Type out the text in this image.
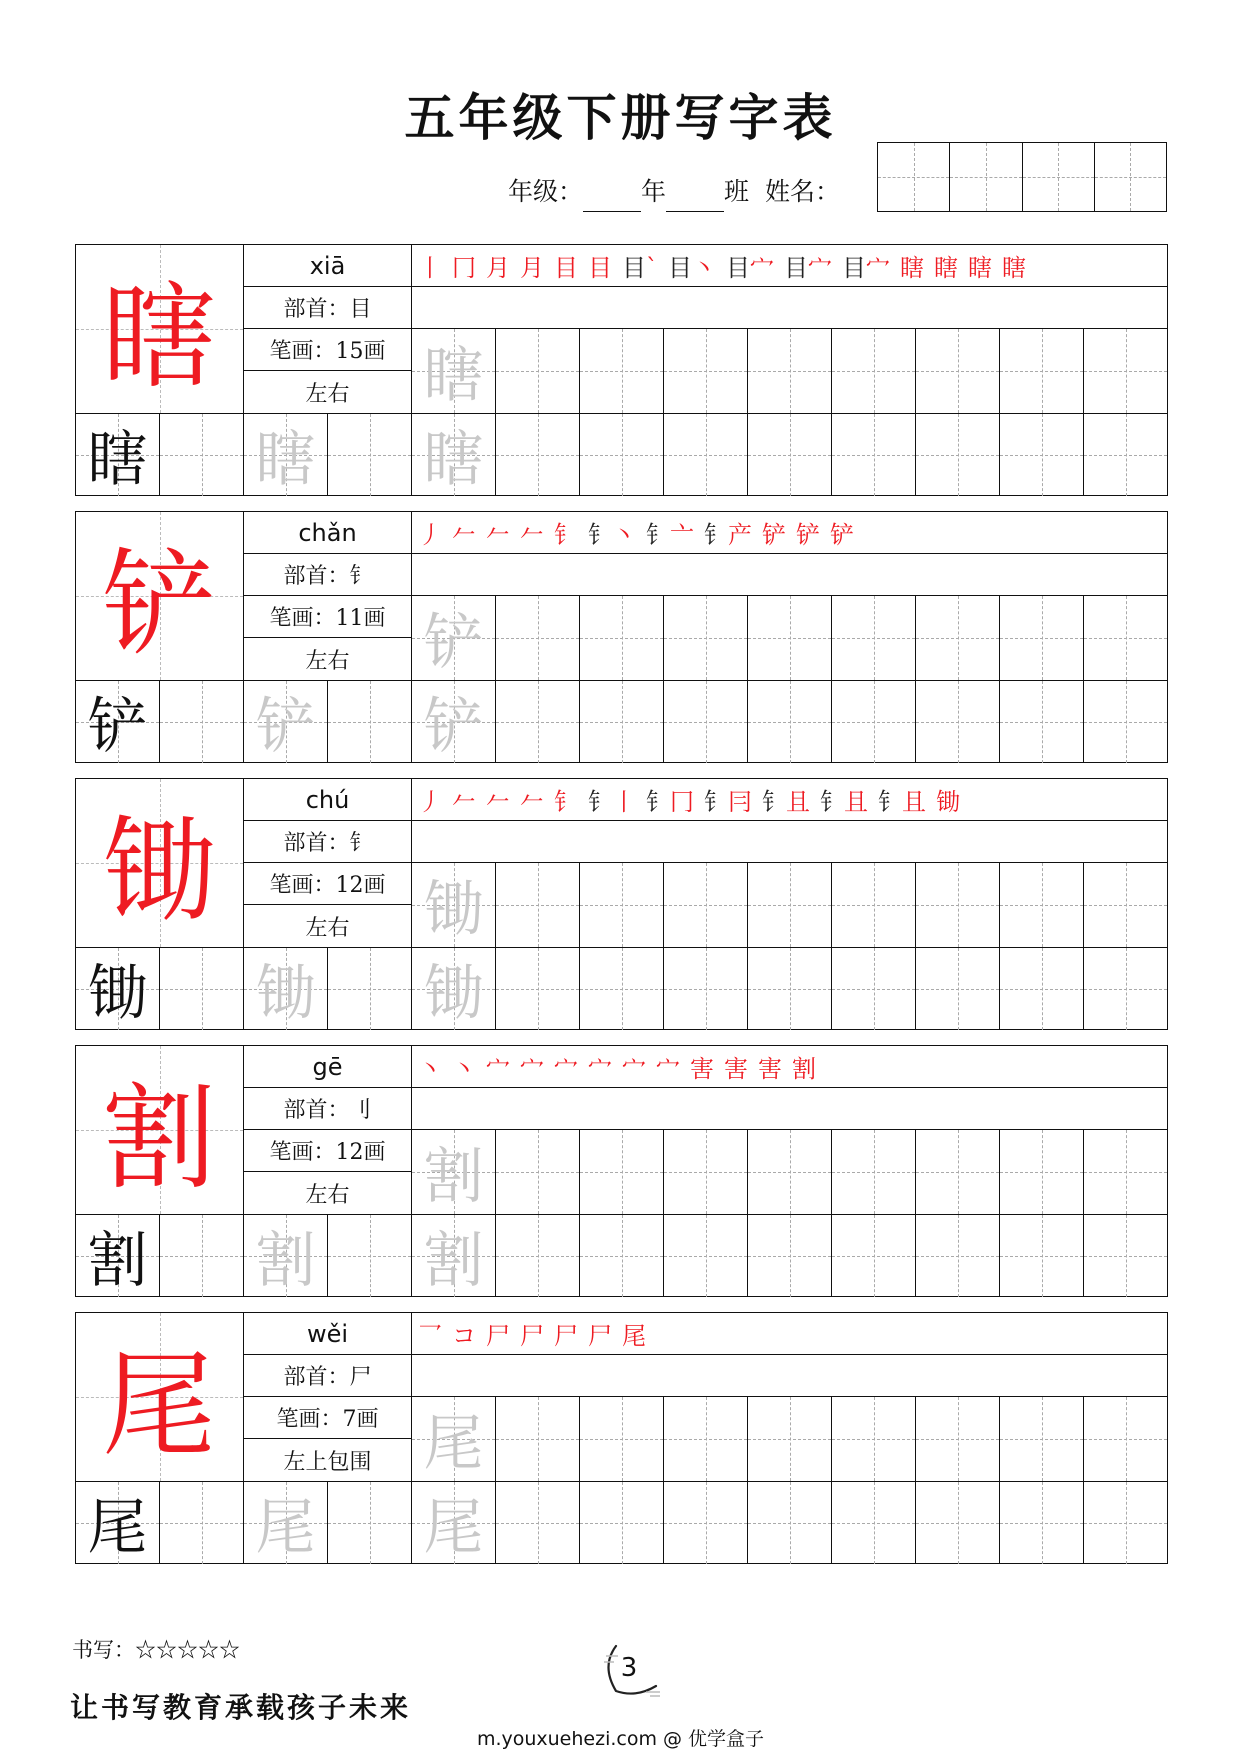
五年级下册写字表
年级： 年 班 姓名：
瞎
xiā
部首：目
笔画：15画
左右
丨 冂 月 月 目 目 目` 目丶 目宀 目宀 目宀 瞎 瞎 瞎 瞎
瞎
瞎 瞎 瞎
铲
chǎn
部首：钅
笔画：11画
左右
丿 𠂉 𠂉 𠂉 钅 钅丶 钅亠 钅产 铲 铲 铲
铲
铲 铲 铲
锄
chú
部首：钅
笔画：12画
左右
丿 𠂉 𠂉 𠂉 钅 钅丨 钅冂 钅冃 钅且 钅且 钅且 锄
锄
锄 锄 锄
割
gē
部首：刂
笔画：12画
左右
丶 丶 宀 宀 宀 宀 宀 宀 害 害 害 割
割
割 割 割
尾
wěi
部首：尸
笔画：7画
左上包围
乛 コ 尸 尸 尸 尸 尾
尾
尾 尾 尾
书写：☆☆☆☆☆
让书写教育承载孩子未来
3
m.youxuehezi.com @ 优学盒子
